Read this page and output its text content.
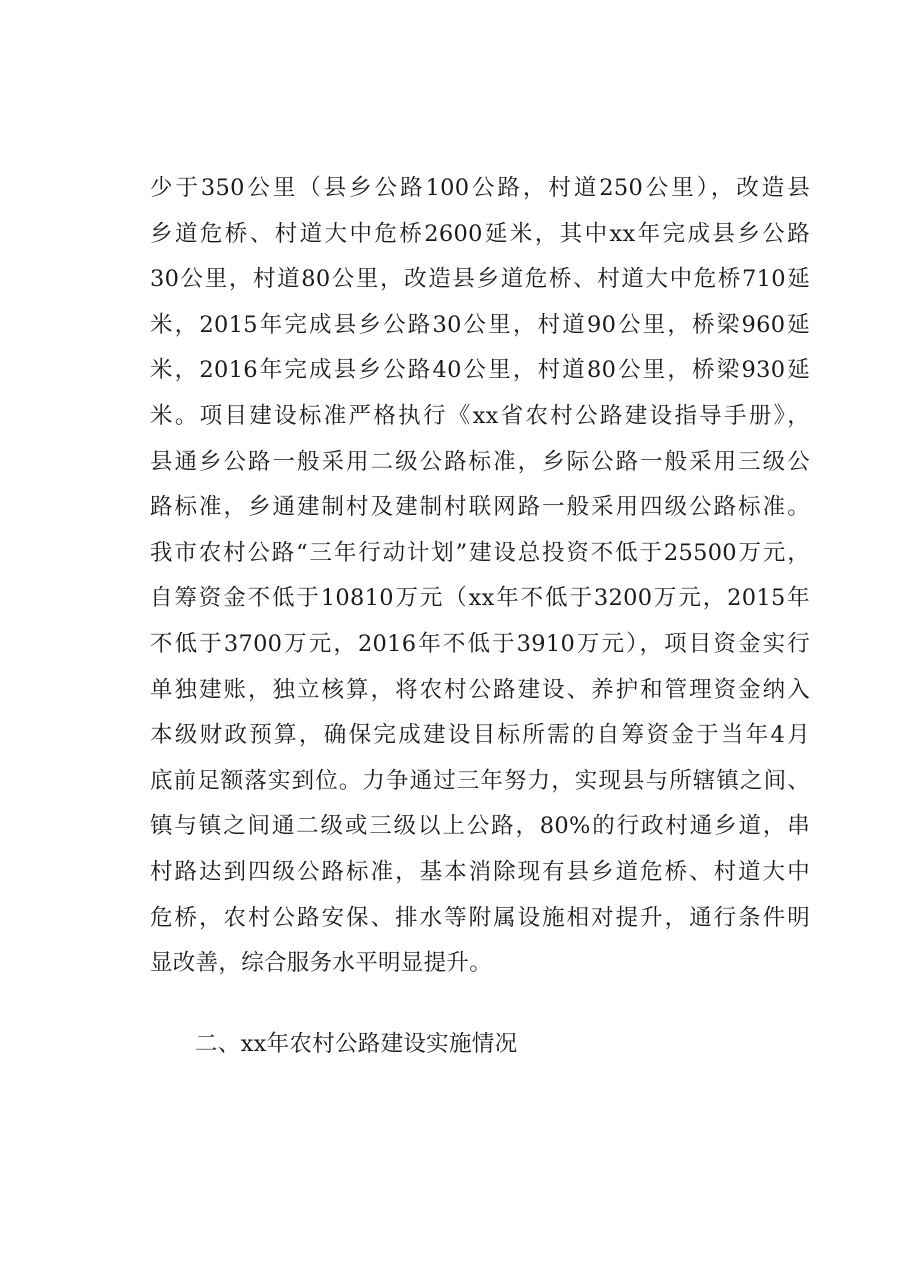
少于350公里（县乡公路100公路，村道250公里），改造县
乡道危桥、村道大中危桥2600延米，其中xx年完成县乡公路
30公里，村道80公里，改造县乡道危桥、村道大中危桥710延
米，2015年完成县乡公路30公里，村道90公里，桥梁960延
米，2016年完成县乡公路40公里，村道80公里，桥梁930延
米。项目建设标准严格执行《xx省农村公路建设指导手册》，
县通乡公路一般采用二级公路标准，乡际公路一般采用三级公
路标准，乡通建制村及建制村联网路一般采用四级公路标准。
我市农村公路“三年行动计划”建设总投资不低于25500万元，
自筹资金不低于10810万元（xx年不低于3200万元，2015年
不低于3700万元，2016年不低于3910万元），项目资金实行
单独建账，独立核算，将农村公路建设、养护和管理资金纳入
本级财政预算，确保完成建设目标所需的自筹资金于当年4月
底前足额落实到位。力争通过三年努力，实现县与所辖镇之间、
镇与镇之间通二级或三级以上公路，80%的行政村通乡道，串
村路达到四级公路标准，基本消除现有县乡道危桥、村道大中
危桥，农村公路安保、排水等附属设施相对提升，通行条件明
显改善，综合服务水平明显提升。
二、xx年农村公路建设实施情况
